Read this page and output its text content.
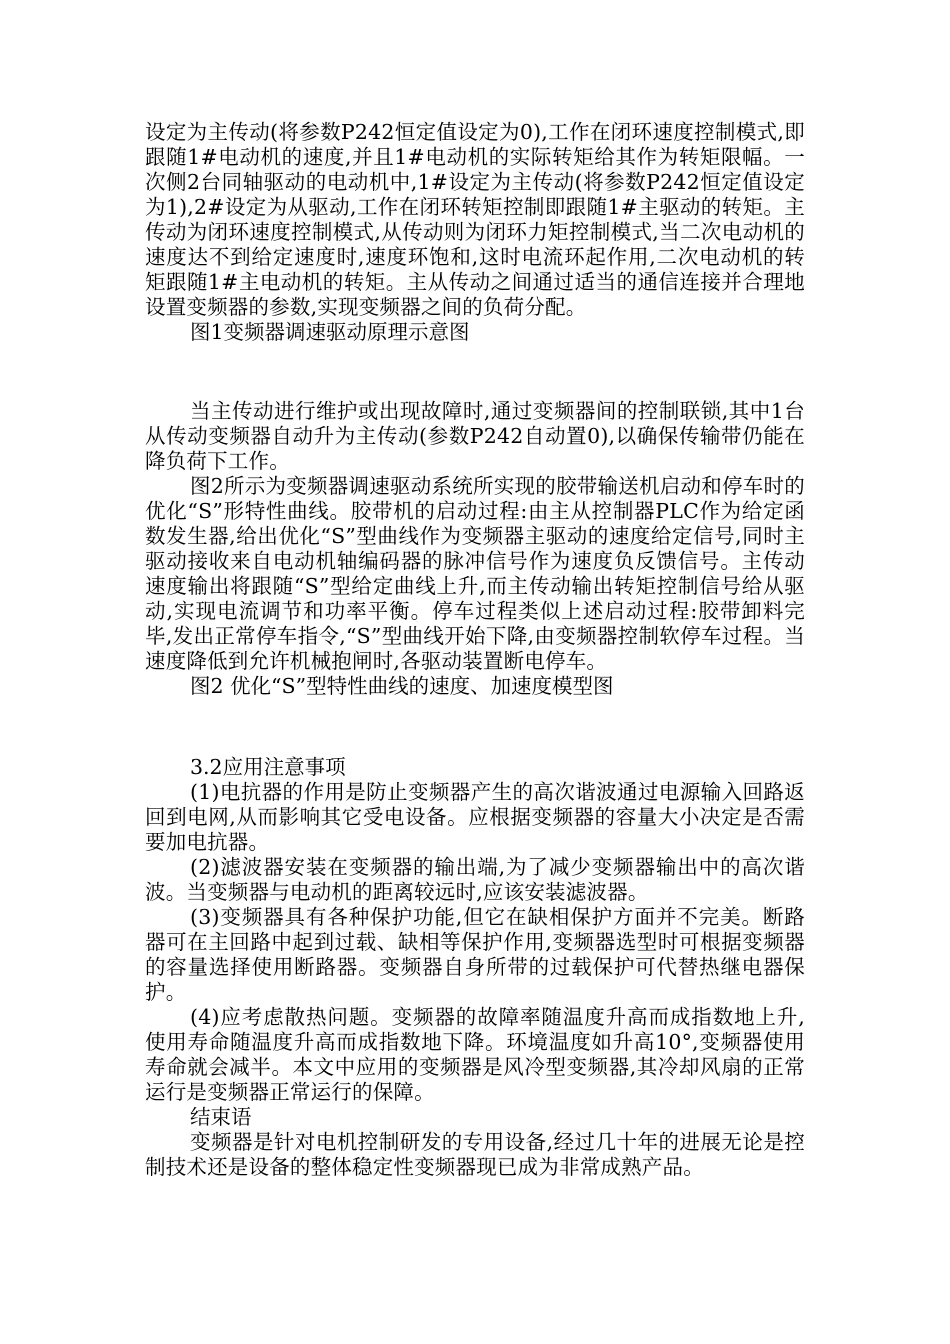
设定为主传动(将参数P242恒定值设定为0),工作在闭环速度控制模式,即跟随1#电动机的速度,并且1#电动机的实际转矩给其作为转矩限幅。一次侧2台同轴驱动的电动机中,1#设定为主传动(将参数P242恒定值设定为1),2#设定为从驱动,工作在闭环转矩控制即跟随1#主驱动的转矩。主传动为闭环速度控制模式,从传动则为闭环力矩控制模式,当二次电动机的速度达不到给定速度时,速度环饱和,这时电流环起作用,二次电动机的转矩跟随1#主电动机的转矩。主从传动之间通过适当的通信连接并合理地设置变频器的参数,实现变频器之间的负荷分配。

图1变频器调速驱动原理示意图

当主传动进行维护或出现故障时,通过变频器间的控制联锁,其中1台从传动变频器自动升为主传动(参数P242自动置0),以确保传输带仍能在降负荷下工作。

图2所示为变频器调速驱动系统所实现的胶带输送机启动和停车时的优化“S”形特性曲线。胶带机的启动过程:由主从控制器PLC作为给定函数发生器,给出优化“S”型曲线作为变频器主驱动的速度给定信号,同时主驱动接收来自电动机轴编码器的脉冲信号作为速度负反馈信号。主传动速度输出将跟随“S”型给定曲线上升,而主传动输出转矩控制信号给从驱动,实现电流调节和功率平衡。停车过程类似上述启动过程:胶带卸料完毕,发出正常停车指令,“S”型曲线开始下降,由变频器控制软停车过程。当速度降低到允许机械抱闸时,各驱动装置断电停车。

图2 优化“S”型特性曲线的速度、加速度模型图

3.2应用注意事项

(1)电抗器的作用是防止变频器产生的高次谐波通过电源输入回路返回到电网,从而影响其它受电设备。应根据变频器的容量大小决定是否需要加电抗器。

(2)滤波器安装在变频器的输出端,为了减少变频器输出中的高次谐波。当变频器与电动机的距离较远时,应该安装滤波器。

(3)变频器具有各种保护功能,但它在缺相保护方面并不完美。断路器可在主回路中起到过载、缺相等保护作用,变频器选型时可根据变频器的容量选择使用断路器。变频器自身所带的过载保护可代替热继电器保护。

(4)应考虑散热问题。变频器的故障率随温度升高而成指数地上升,使用寿命随温度升高而成指数地下降。环境温度如升高10°,变频器使用寿命就会减半。本文中应用的变频器是风冷型变频器,其冷却风扇的正常运行是变频器正常运行的保障。

结束语

变频器是针对电机控制研发的专用设备,经过几十年的进展无论是控制技术还是设备的整体稳定性变频器现已成为非常成熟产品。
